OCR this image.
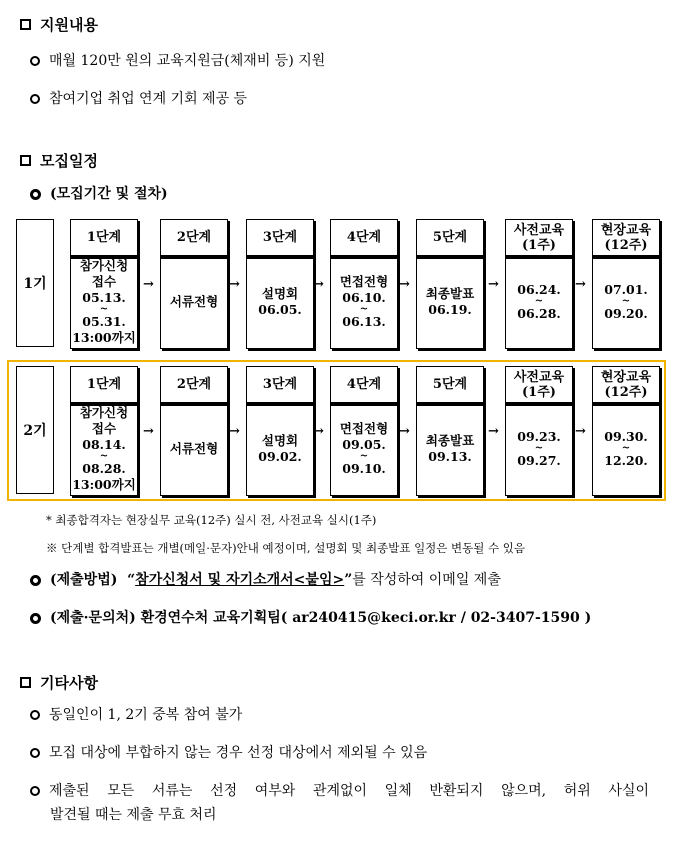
지원내용
매월 120만 원의 교육지원금(체재비 등) 지원
참여기업 취업 연계 기회 제공 등
모집일정
(모집기간 및 절차)
1기
1단계
참가신청
접수
05.13.
~
05.31.
13:00까지
2단계
서류전형
→
3단계
설명회
06.05.
→
4단계
면접전형
06.10.
~
06.13.
→
5단계
최종발표
06.19.
→
사전교육
(1주)
06.24.
~
06.28.
→
현장교육
(12주)
07.01.
~
09.20.
→
2기
1단계
참가신청
접수
08.14.
~
08.28.
13:00까지
2단계
서류전형
→
3단계
설명회
09.02.
→
4단계
면접전형
09.05.
~
09.10.
→
5단계
최종발표
09.13.
→
사전교육
(1주)
09.23.
~
09.27.
→
현장교육
(12주)
09.30.
~
12.20.
→
* 최종합격자는 현장실무 교육(12주) 실시 전, 사전교육 실시(1주)
※ 단계별 합격발표는 개별(메일·문자)안내 예정이며, 설명회 및 최종발표 일정은 변동될 수 있음
(제출방법)
“ 참가신청서 및 자기소개서<붙임> ” 를 작성하여 이메일 제출
(제출·문의처)
환경연수처 교육기획팀( ar240415@keci.or.kr / 02-3407-1590 )
기타사항
동일인이 1, 2기 중복 참여 불가
모집 대상에 부합하지 않는 경우 선정 대상에서 제외될 수 있음
제출된 모든 서류는 선정 여부와 관계없이 일체 반환되지 않으며, 허위 사실이
발견될 때는 제출 무효 처리
